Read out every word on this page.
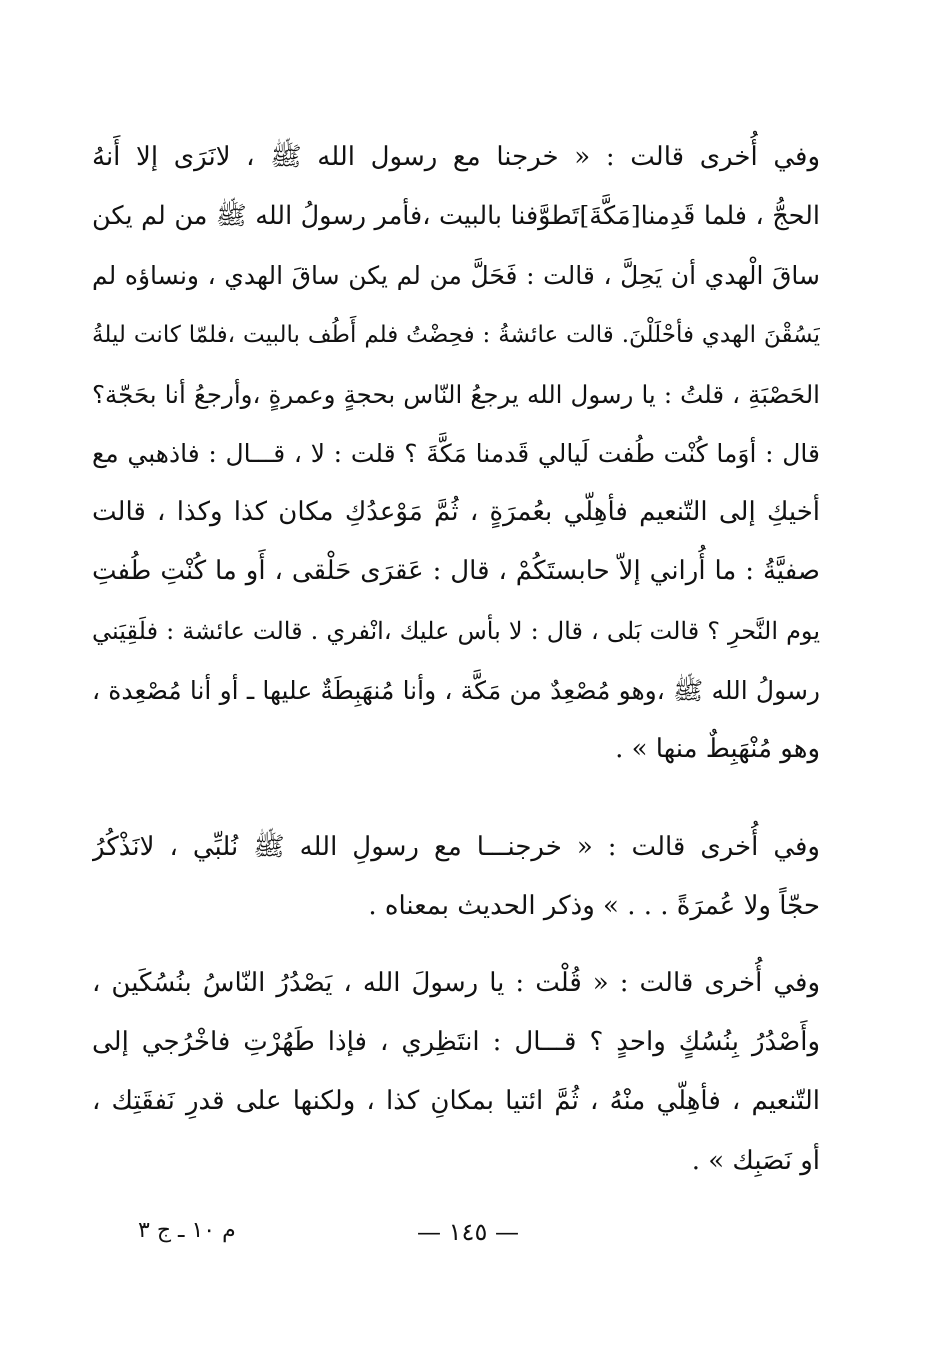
وفي أُخرى قالت : « خرجنا مع رسول الله ﷺ ، لانَرَى إلا أَنهُ
الحجُّ ، فلما قَدِمنا[مَكَّةَ]تَطوَّفنا بالبيت ،فأمر رسولُ الله ﷺ من لم يكن
ساقَ الْهدي أن يَحِلَّ ، قالت : فَحَلَّ من لم يكن ساقَ الهدي ، ونساؤه لم
يَسُقْنَ الهدي فأحْلَلْنَ. قالت عائشةُ : فحِضْتُ فلم أَطُف بالبيت ،فلمّا كانت ليلةُ
الحَصْبَةِ ، قلتُ : يا رسول الله يرجعُ النّاس بحجةٍ وعمرةٍ ،وأرجعُ أنا بحَجّة؟
قال : أوَما كُنْت طُفت لَيالي قَدمنا مَكَّةَ ؟ قلت : لا ، قـــال : فاذهبي مع
أخيكِ إلى التّنعيم فأهِلّي بعُمرَةٍ ، ثُمَّ مَوْعدُكِ مكان كذا وكذا ، قالت
صفيَّةُ : ما أُراني إلاّ حابستَكُمْ ، قال : عَقرَى حَلْقى ، أَو ما كُنْتِ طُفتِ
يوم النَّحرِ ؟ قالت بَلى ، قال : لا بأس عليك ،انْفري . قالت عائشة : فلَقِيَني
رسولُ الله ﷺ ،وهو مُصْعِدٌ من مَكَّة ، وأنا مُنهَبِطَةٌ عليها ـ أو أنا مُصْعِدة ،
وهو مُنْهَبِطٌ منها » .
وفي أُخرى قالت : « خرجنـــا مع رسولِ الله ﷺ نُلبِّي ، لانَذْكُرُ
حجّاً ولا عُمرَةً . . . » وذكر الحديث بمعناه .
وفي أُخرى قالت : « قُلْت : يا رسولَ الله ، يَصْدُرُ النّاسُ بنُسُكَين ،
وأَصْدُرُ بِنُسُكٍ واحدٍ ؟ قـــال : انتَظِري ، فإذا طَهُرْتِ فاخْرُجي إلى
التّنعيم ، فأهِلّي منْهُ ، ثُمَّ ائتيا بمكانِ كذا ، ولكنها على قدرِ نَفقَتِك ،
أو نَصَبِك » .
— ١٤٥ —
م ١٠ ـ ج ٣
